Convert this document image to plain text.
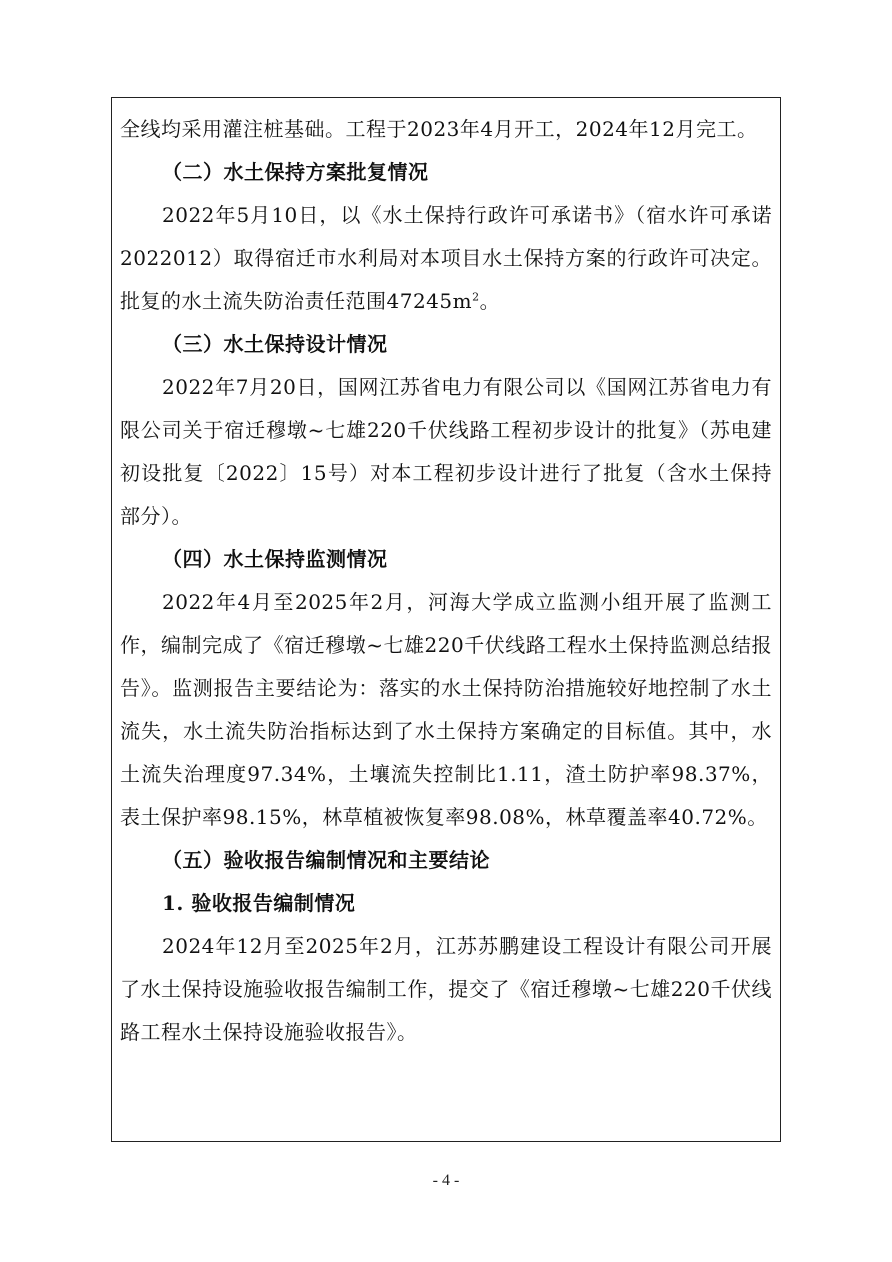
全线均采用灌注桩基础。工程于2023年4月开工，2024年12月完工。

（二）水土保持方案批复情况

2022年5月10日，以《水土保持行政许可承诺书》（宿水许可承诺2022012）取得宿迁市水利局对本项目水土保持方案的行政许可决定。批复的水土流失防治责任范围$47245m^2$。

（三）水土保持设计情况

2022年7月20日，国网江苏省电力有限公司以《国网江苏省电力有限公司关于宿迁穆墩~七雄220千伏线路工程初步设计的批复》（苏电建初设批复〔2022〕15号）对本工程初步设计进行了批复（含水土保持部分）。

（四）水土保持监测情况

2022年4月至2025年2月，河海大学成立监测小组开展了监测工作，编制完成了《宿迁穆墩~七雄220千伏线路工程水土保持监测总结报告》。监测报告主要结论为：落实的水土保持防治措施较好地控制了水土流失，水土流失防治指标达到了水土保持方案确定的目标值。其中，水土流失治理度97.34%，土壤流失控制比1.11，渣土防护率98.37%，表土保护率98.15%，林草植被恢复率98.08%，林草覆盖率40.72%。

（五）验收报告编制情况和主要结论

1. 验收报告编制情况

2024年12月至2025年2月，江苏苏鹏建设工程设计有限公司开展了水土保持设施验收报告编制工作，提交了《宿迁穆墩~七雄220千伏线路工程水土保持设施验收报告》。

- 4 -
